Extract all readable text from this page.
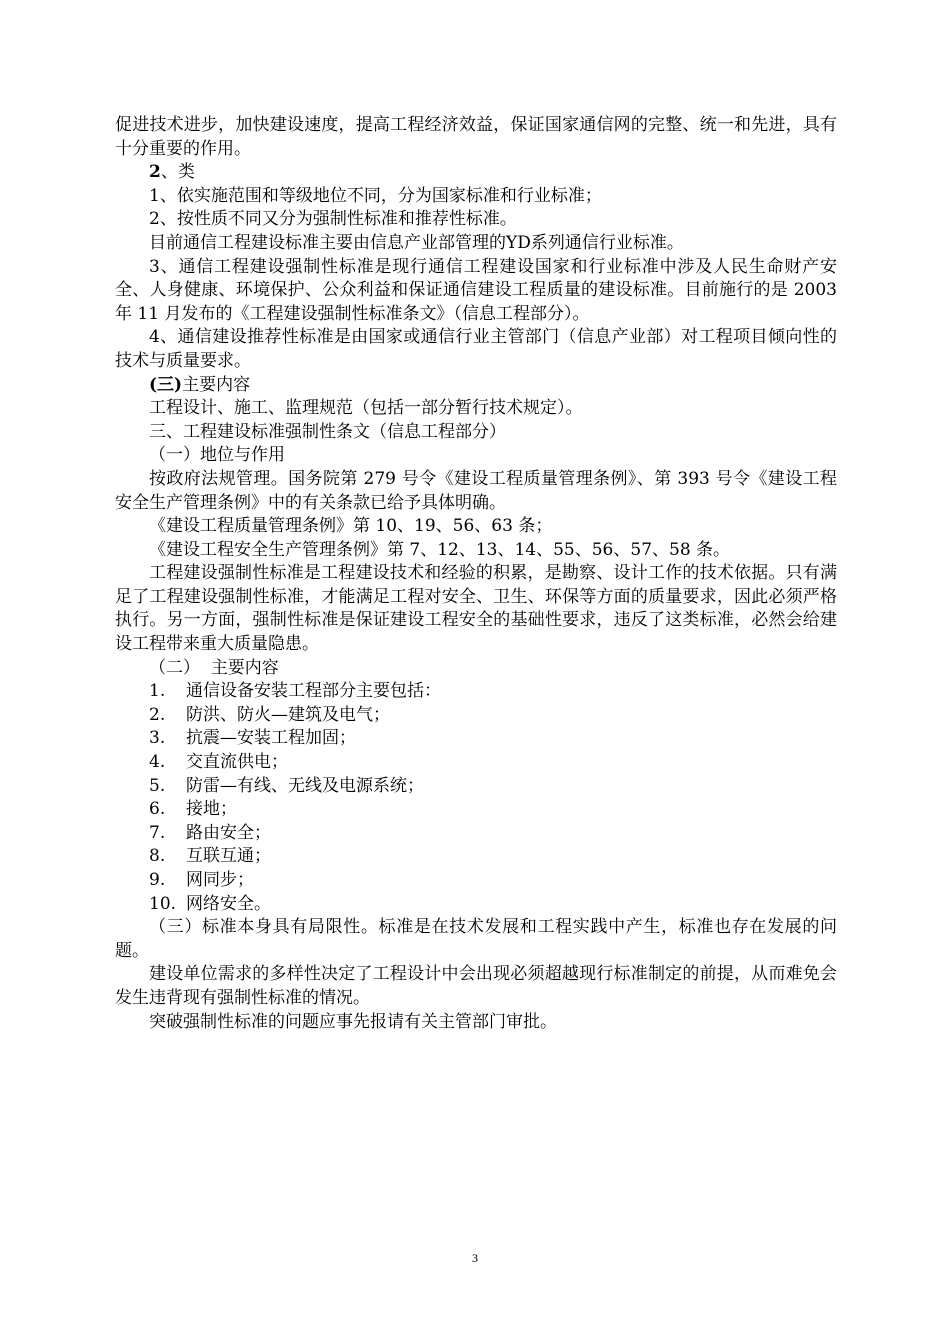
促进技术进步，加快建设速度，提高工程经济效益，保证国家通信网的完整、统一和先进，具有十分重要的作用。

2、类

1、依实施范围和等级地位不同，分为国家标准和行业标准；

2、按性质不同又分为强制性标准和推荐性标准。

目前通信工程建设标准主要由信息产业部管理的YD系列通信行业标准。

3、通信工程建设强制性标准是现行通信工程建设国家和行业标准中涉及人民生命财产安全、人身健康、环境保护、公众利益和保证通信建设工程质量的建设标准。目前施行的是 2003 年 11 月发布的《工程建设强制性标准条文》（信息工程部分）。

4、通信建设推荐性标准是由国家或通信行业主管部门（信息产业部）对工程项目倾向性的技术与质量要求。

(三)主要内容

工程设计、施工、监理规范（包括一部分暂行技术规定）。

三、工程建设标准强制性条文（信息工程部分）

（一）地位与作用

按政府法规管理。国务院第 279 号令《建设工程质量管理条例》、第 393 号令《建设工程安全生产管理条例》中的有关条款已给予具体明确。

《建设工程质量管理条例》第 10、19、56、63 条；

《建设工程安全生产管理条例》第 7、12、13、14、55、56、57、58 条。

工程建设强制性标准是工程建设技术和经验的积累，是勘察、设计工作的技术依据。只有满足了工程建设强制性标准，才能满足工程对安全、卫生、环保等方面的质量要求，因此必须严格执行。另一方面，强制性标准是保证建设工程安全的基础性要求，违反了这类标准，必然会给建设工程带来重大质量隐患。

（二）  主要内容

1.	通信设备安装工程部分主要包括：
2.	防洪、防火—建筑及电气；
3.	抗震—安装工程加固；
4.	交直流供电；
5.	防雷—有线、无线及电源系统；
6.	接地；
7.	路由安全；
8.	互联互通；
9.	网同步；
10. 网络安全。

（三）标准本身具有局限性。标准是在技术发展和工程实践中产生，标准也存在发展的问题。

建设单位需求的多样性决定了工程设计中会出现必须超越现行标准制定的前提，从而难免会发生违背现有强制性标准的情况。

突破强制性标准的问题应事先报请有关主管部门审批。

3
